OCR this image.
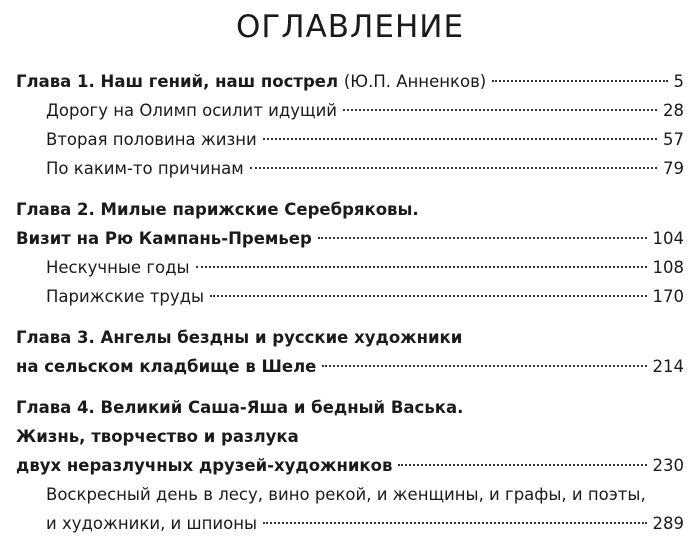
ОГЛАВЛЕНИЕ
Глава 1. Наш гений, наш пострел (Ю.П. Анненков)	5
Дорогу на Олимп осилит идущий	28
Вторая половина жизни	57
По каким-то причинам	79
Глава 2. Милые парижские Серебряковы.
Визит на Рю Кампань-Премьер	104
Нескучные годы	108
Парижские труды	170
Глава 3. Ангелы бездны и русские художники
на сельском кладбище в Шеле	214
Глава 4. Великий Саша-Яша и бедный Васька.
Жизнь, творчество и разлука
двух неразлучных друзей-художников	230
Воскресный день в лесу, вино рекой, и женщины, и графы, и поэты,
и художники, и шпионы	289
